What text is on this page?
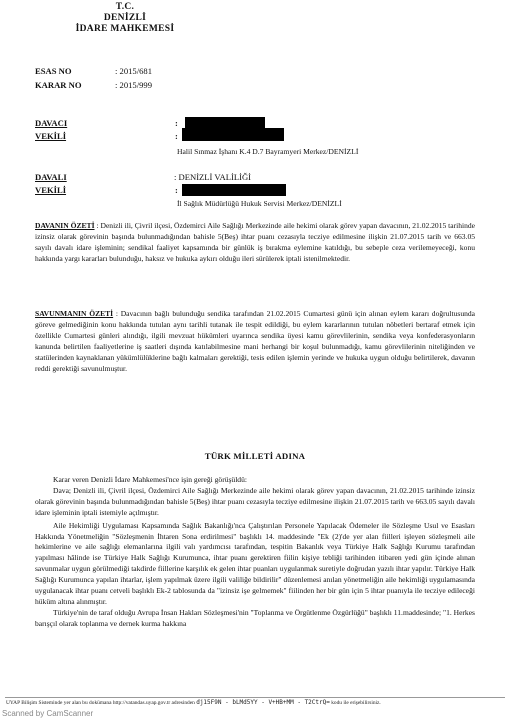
T.C.
DENİZLİ
İDARE MAHKEMESİ
ESAS NO	: 2015/681
KARAR NO	: 2015/999
DAVACI	:
VEKİLİ	:
Halil Sınmaz İşhanı K.4 D.7 Bayramyeri Merkez/DENİZLİ
DAVALI	: DENİZLİ VALİLİĞİ
VEKİLİ	:
İl Sağlık Müdürlüğü Hukuk Servisi Merkez/DENİZLİ
DAVANIN ÖZETİ : Denizli ili, Çivril ilçesi, Özdemirci Aile Sağlığı Merkezinde aile hekimi olarak görev yapan davacının, 21.02.2015 tarihinde izinsiz olarak görevinin başında bulunmadığından bahisle 5(Beş) ihtar puanı cezasıyla tecziye edilmesine ilişkin 21.07.2015 tarih ve 663.05 sayılı davalı idare işleminin; sendikal faaliyet kapsamında bir günlük iş bırakma eylemine katıldığı, bu sebeple ceza verilemeyeceği, konu hakkında yargı kararları bulunduğu, haksız ve hukuka aykırı olduğu ileri sürülerek iptali istenilmektedir.
SAVUNMANIN ÖZETİ : Davacının bağlı bulunduğu sendika tarafından 21.02.2015 Cumartesi günü için alınan eylem kararı doğrultusunda göreve gelmediğinin konu hakkında tutulan aynı tarihli tutanak ile tespit edildiği, bu eylem kararlarının tutulan nöbetleri bertaraf etmek için özellikle Cumartesi günleri alındığı, ilgili mevzuat hükümleri uyarınca sendika üyesi kamu görevlilerinin, sendika veya konfederasyonların kanunda belirtilen faaliyetlerine iş saatleri dışında katılabilmesine mani herhangi bir koşul bulunmadığı, kamu görevlilerinin niteliğinden ve statülerinden kaynaklanan yükümlülüklerine bağlı kalmaları gerektiği, tesis edilen işlemin yerinde ve hukuka uygun olduğu belirtilerek, davanın reddi gerektiği savunulmuştur.
TÜRK MİLLETİ ADINA
Karar veren Denizli İdare Mahkemesi'nce işin gereği görüşüldü:
Dava; Denizli ili, Çivril ilçesi, Özdemirci Aile Sağlığı Merkezinde aile hekimi olarak görev yapan davacının, 21.02.2015 tarihinde izinsiz olarak görevinin başında bulunmadığından bahisle 5(Beş) ihtar puanı cezasıyla tecziye edilmesine ilişkin 21.07.2015 tarih ve 663.05 sayılı davalı idare işleminin iptali istemiyle açılmıştır.
Aile Hekimliği Uygulaması Kapsamında Sağlık Bakanlığı'nca Çalıştırılan Personele Yapılacak Ödemeler ile Sözleşme Usul ve Esasları Hakkında Yönetmeliğin "Sözleşmenin İhtaren Sona erdirilmesi" başlıklı 14. maddesinde "Ek (2)'de yer alan fiilleri işleyen sözleşmeli aile hekimlerine ve aile sağlığı elemanlarına ilgili valı yardımcısı tarafından, tespitin Bakanlık veya Türkiye Halk Sağlığı Kurumu tarafından yapılması hâlinde ise Türkiye Halk Sağlığı Kurumunca, ihtar puanı gerektiren fiilin kişiye tebliği tarihinden itibaren yedi gün içinde alınan savunmalar uygun görülmediği takdirde fiillerine karşılık ek gelen ihtar puanları uygulanmak suretiyle doğrudan yazılı ihtar yapılır. Türkiye Halk Sağlığı Kurumunca yapılan ihtarlar, işlem yapılmak üzere ilgili valiliğe bildirilir" düzenlemesi anılan yönetmeliğin aile hekimliği uygulamasında uygulanacak ihtar puanı cetveli başlıklı Ek-2 tablosunda da "izinsiz işe gelmemek" fiilinden her bir gün için 5 ihtar puanıyla ile tecziye edileceği hüküm altına alınmıştır.
Türkiye'nin de taraf olduğu Avrupa İnsan Hakları Sözleşmesi'nin "Toplanma ve Örgütlenme Özgürlüğü" başlıklı 11.maddesinde; "1. Herkes barışçıl olarak toplanma ve dernek kurma hakkına
UYAP Bilişim Sisteminde yer alan bu dokümana http://vatandas.uyap.gov.tr adresinden dj15F9N - bLMd5YY - V+HB+MM - T2CtrQ= kodu ile erişebilirsiniz.
Scanned by CamScanner
